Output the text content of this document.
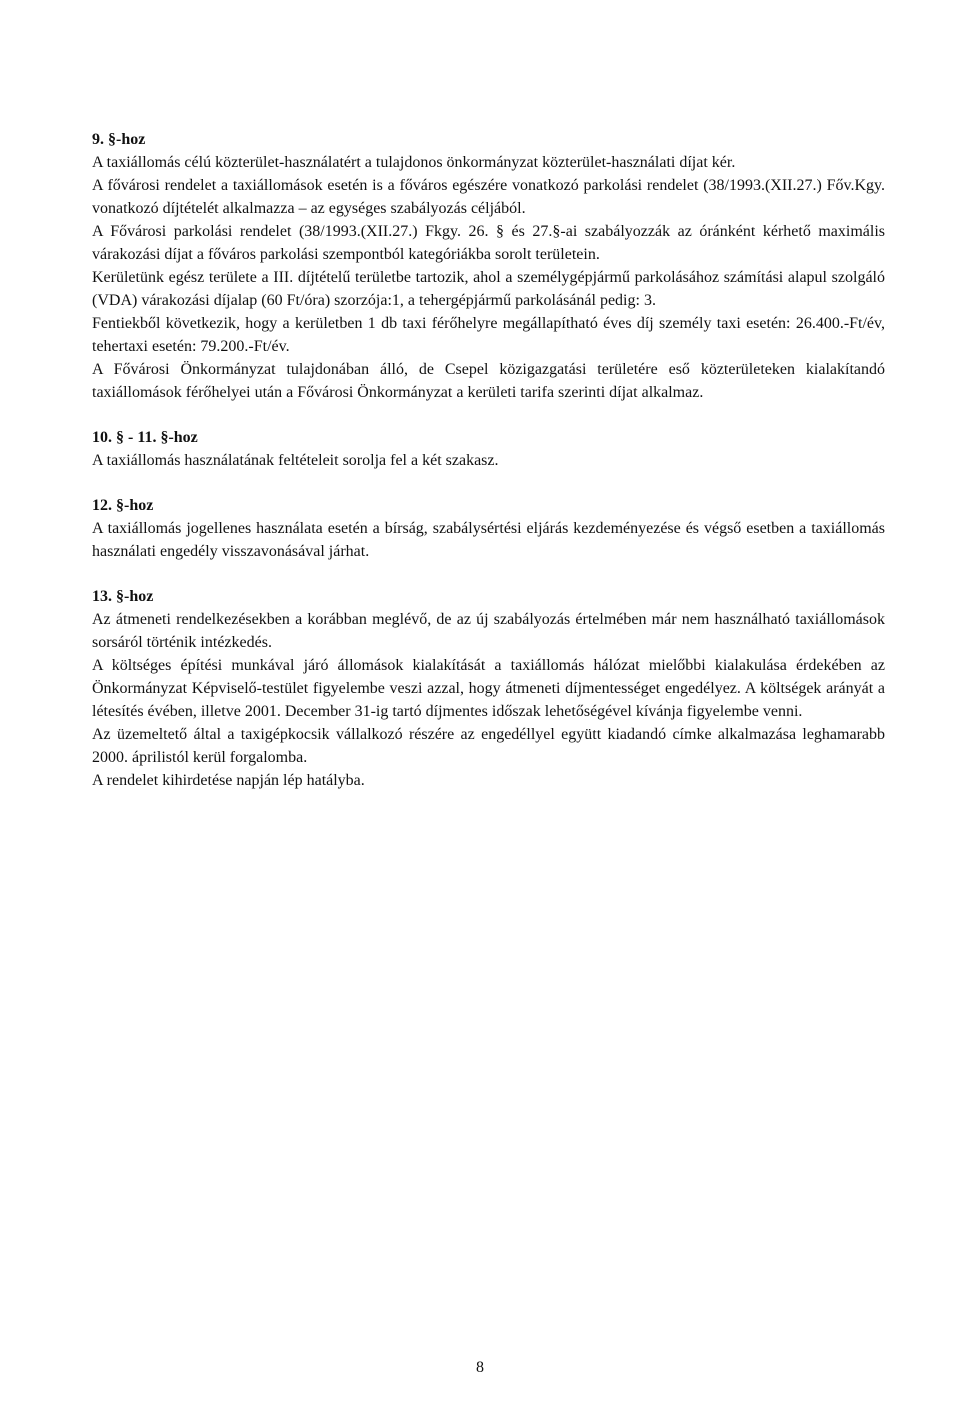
9. §-hoz

A taxiállomás célú közterület-használatért a tulajdonos önkormányzat közterület-használati díjat kér.

A fővárosi rendelet a taxiállomások esetén is a főváros egészére vonatkozó parkolási rendelet (38/1993.(XII.27.) Főv.Kgy. vonatkozó díjtételét alkalmazza – az egységes szabályozás céljából.

A Fővárosi parkolási rendelet (38/1993.(XII.27.) Fkgy. 26. § és 27.§-ai szabályozzák az óránként kérhető maximális várakozási díjat a főváros parkolási szempontból kategóriákba sorolt területein.

Kerületünk egész területe a III. díjtételű területbe tartozik, ahol a személygépjármű parkolásához számítási alapul szolgáló (VDA) várakozási díjalap (60 Ft/óra) szorzója:1, a tehergépjármű parkolásánál pedig: 3.

Fentiekből következik, hogy a kerületben 1 db taxi férőhelyre megállapítható éves díj személy taxi esetén: 26.400.-Ft/év, tehertaxi esetén: 79.200.-Ft/év.

A Fővárosi Önkormányzat tulajdonában álló, de Csepel közigazgatási területére eső közterületeken kialakítandó taxiállomások férőhelyei után a Fővárosi Önkormányzat a kerületi tarifa szerinti díjat alkalmaz.

10. § - 11. §-hoz

A taxiállomás használatának feltételeit sorolja fel a két szakasz.

12. §-hoz

A taxiállomás jogellenes használata esetén a bírság, szabálysértési eljárás kezdeményezése és végső esetben a taxiállomás használati engedély visszavonásával járhat.

13. §-hoz

Az átmeneti rendelkezésekben a korábban meglévő, de az új szabályozás értelmében már nem használható taxiállomások sorsáról történik intézkedés.

A költséges építési munkával járó állomások kialakítását a taxiállomás hálózat mielőbbi kialakulása érdekében az Önkormányzat Képviselő-testület figyelembe veszi azzal, hogy átmeneti díjmentességet engedélyez. A költségek arányát a létesítés évében, illetve 2001. December 31-ig tartó díjmentes időszak lehetőségével kívánja figyelembe venni.

Az üzemeltető által a taxigépkocsik vállalkozó részére az engedéllyel együtt kiadandó címke alkalmazása leghamarabb 2000. áprilistól kerül forgalomba.

A rendelet kihirdetése napján lép hatályba.

8
